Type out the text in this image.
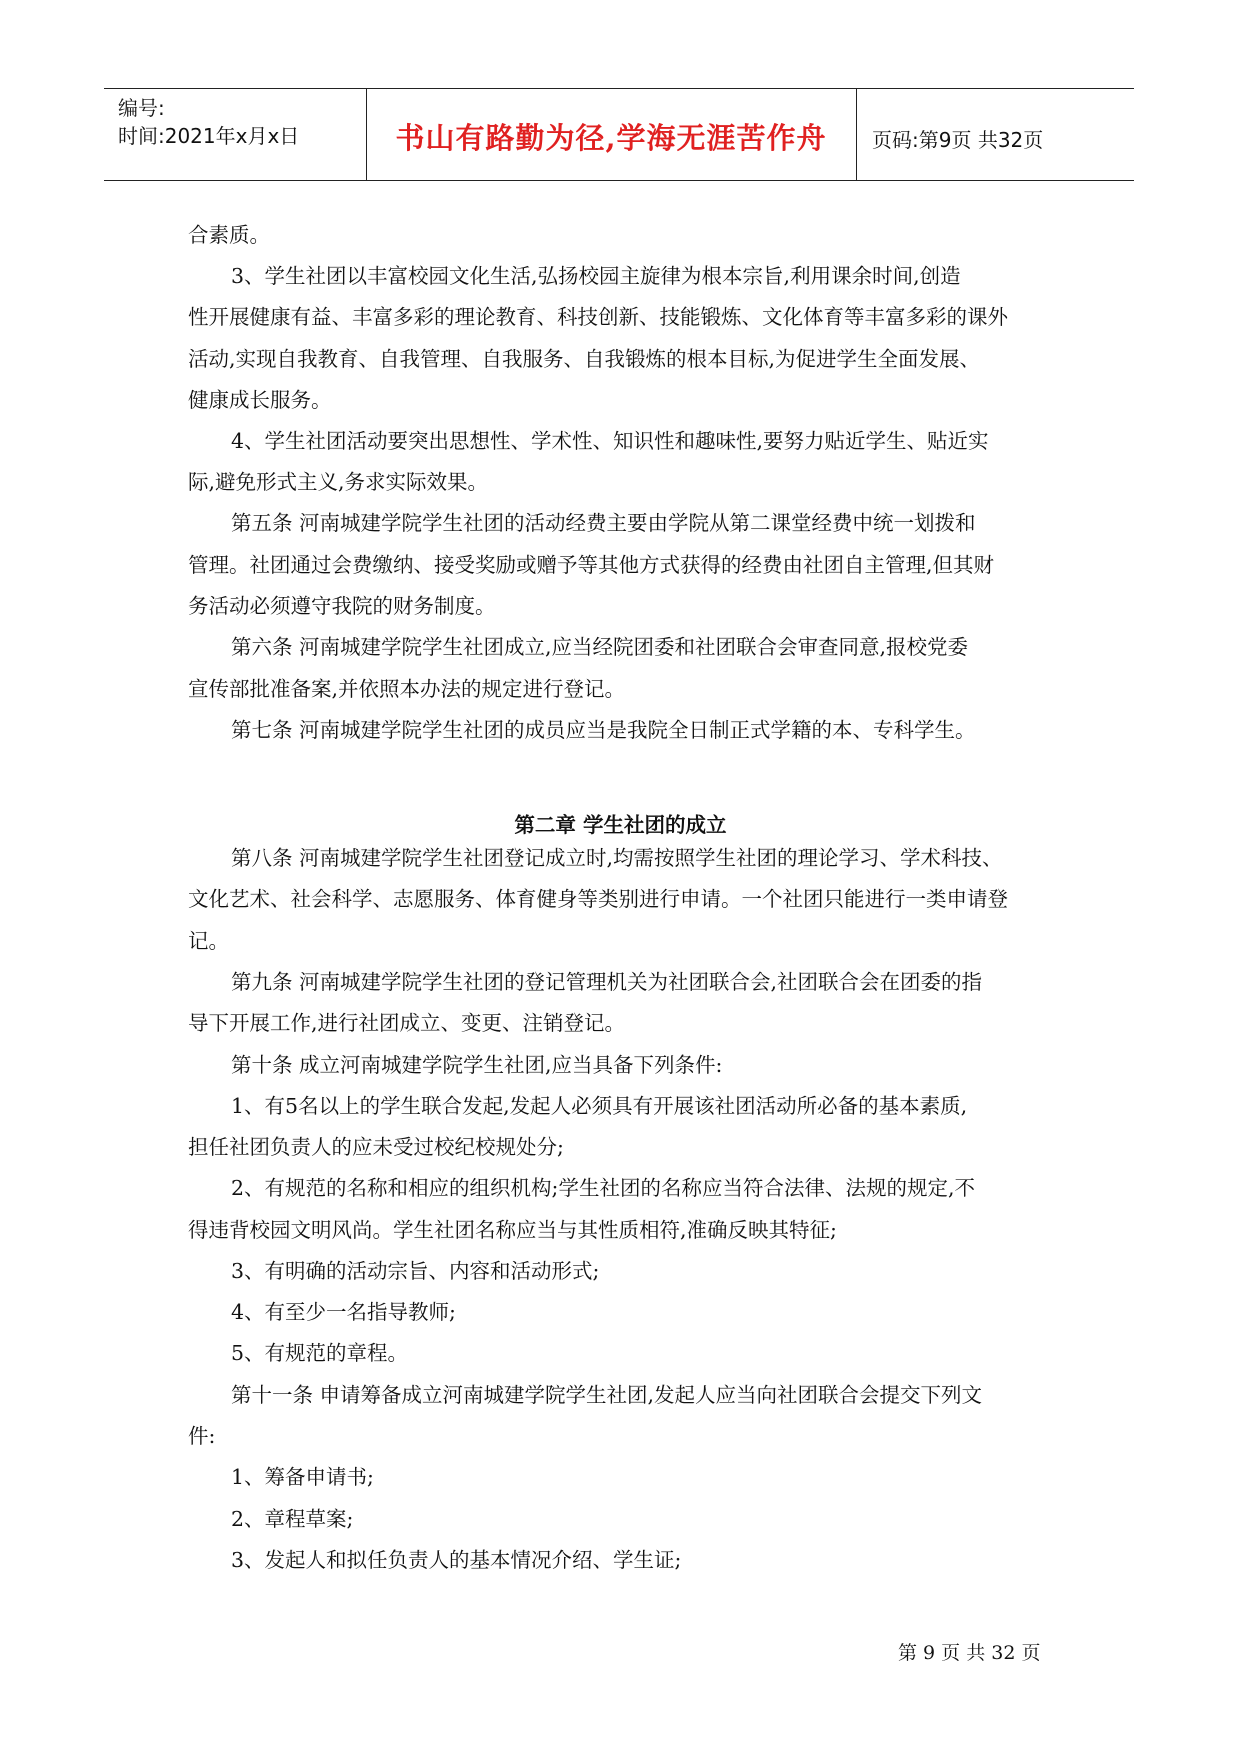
编号:
时间:2021年x月x日	书山有路勤为径,学海无涯苦作舟	页码:第9页 共32页
合素质。
3、学生社团以丰富校园文化生活,弘扬校园主旋律为根本宗旨,利用课余时间,创造
性开展健康有益、丰富多彩的理论教育、科技创新、技能锻炼、文化体育等丰富多彩的课外
活动,实现自我教育、自我管理、自我服务、自我锻炼的根本目标,为促进学生全面发展、
健康成长服务。
4、学生社团活动要突出思想性、学术性、知识性和趣味性,要努力贴近学生、贴近实
际,避免形式主义,务求实际效果。
第五条 河南城建学院学生社团的活动经费主要由学院从第二课堂经费中统一划拨和
管理。社团通过会费缴纳、接受奖励或赠予等其他方式获得的经费由社团自主管理,但其财
务活动必须遵守我院的财务制度。
第六条 河南城建学院学生社团成立,应当经院团委和社团联合会审查同意,报校党委
宣传部批准备案,并依照本办法的规定进行登记。
第七条 河南城建学院学生社团的成员应当是我院全日制正式学籍的本、专科学生。
第二章 学生社团的成立
第八条 河南城建学院学生社团登记成立时,均需按照学生社团的理论学习、学术科技、
文化艺术、社会科学、志愿服务、体育健身等类别进行申请。一个社团只能进行一类申请登
记。
第九条 河南城建学院学生社团的登记管理机关为社团联合会,社团联合会在团委的指
导下开展工作,进行社团成立、变更、注销登记。
第十条 成立河南城建学院学生社团,应当具备下列条件:
1、有5名以上的学生联合发起,发起人必须具有开展该社团活动所必备的基本素质,
担任社团负责人的应未受过校纪校规处分;
2、有规范的名称和相应的组织机构;学生社团的名称应当符合法律、法规的规定,不
得违背校园文明风尚。学生社团名称应当与其性质相符,准确反映其特征;
3、有明确的活动宗旨、内容和活动形式;
4、有至少一名指导教师;
5、有规范的章程。
第十一条 申请筹备成立河南城建学院学生社团,发起人应当向社团联合会提交下列文
件:
1、筹备申请书;
2、章程草案;
3、发起人和拟任负责人的基本情况介绍、学生证;
第 9 页 共 32 页
